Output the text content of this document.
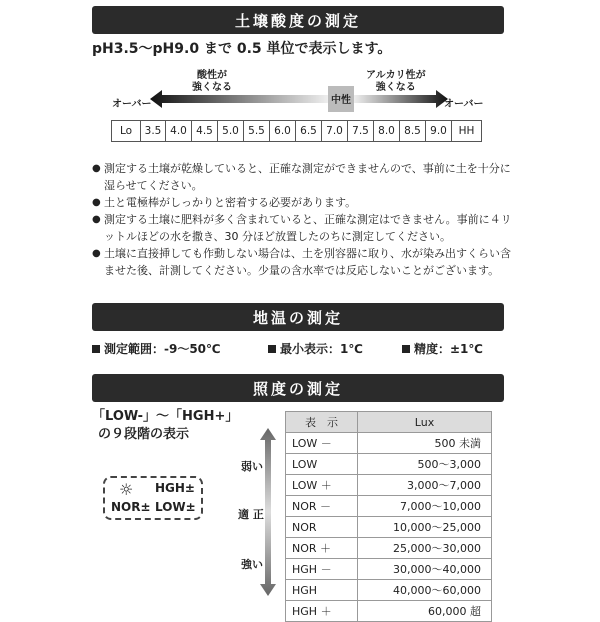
土壌酸度の測定
pH3.5～pH9.0 まで 0.5 単位で表示します。
酸性が
強くなる
アルカリ性が
強くなる
中性
オーバー	オーバー
Lo	3.5 4.0 4.5 5.0 5.5 6.0 6.5 7.0 7.5 8.0 8.5 9.0	HH
● 測定する土壌が乾燥していると、正確な測定ができませんので、事前に土を十分に湿らせてください。
● 土と電極棒がしっかりと密着する必要があります。
● 測定する土壌に肥料が多く含まれていると、正確な測定はできません。事前に４リットルほどの水を撒き、30 分ほど放置したのちに測定してください。
● 土壌に直接挿しても作動しない場合は、土を別容器に取り、水が染み出すくらい含ませた後、計測してください。少量の含水率では反応しないことがございます。
地温の測定
測定範囲：-9～50℃	最小表示：1℃	精度：±1℃
照度の測定
「LOW-」～「HGH+」
の９段階の表示
☼ HGH±
NOR± LOW±
弱い
適 正
強い
表　示	Lux
LOW －	500 未満
LOW	500～3,000
LOW ＋	3,000～7,000
NOR －	7,000～10,000
NOR	10,000～25,000
NOR ＋	25,000～30,000
HGH －	30,000～40,000
HGH	40,000～60,000
HGH ＋	60,000 超
